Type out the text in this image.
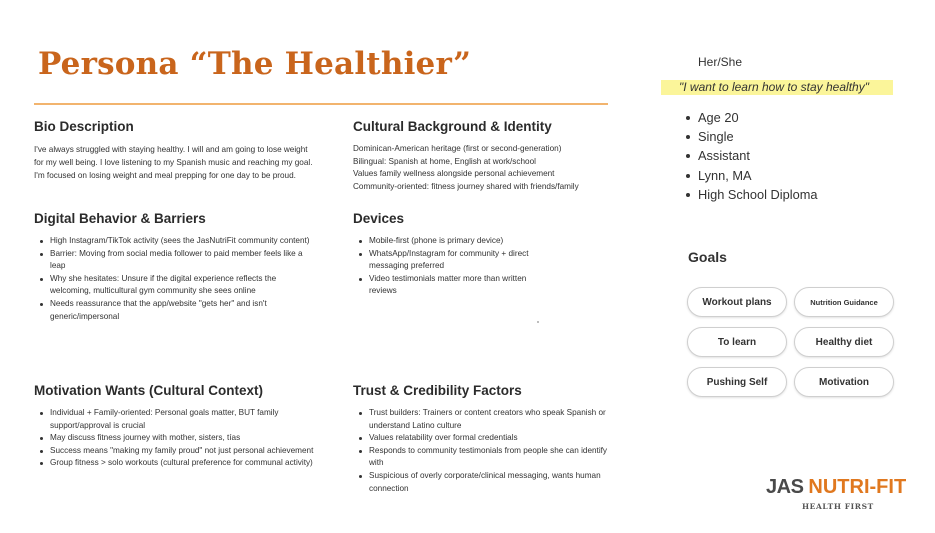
Persona “The Healthier”
Bio Description

I've always struggled with staying healthy. I will and am going to lose weight for my well being. I love listening to my Spanish music and reaching my goal. I'm focused on losing weight and meal prepping for one day to be proud.

Cultural Background & Identity
Dominican-American heritage (first or second-generation)
Bilingual: Spanish at home, English at work/school
Values family wellness alongside personal achievement
Community-oriented: fitness journey shared with friends/family
Digital Behavior & Barriers
High Instagram/TikTok activity (sees the JasNutriFit community content)
Barrier: Moving from social media follower to paid member feels like a leap
Why she hesitates: Unsure if the digital experience reflects the welcoming, multicultural gym community she sees online
Needs reassurance that the app/website "gets her" and isn't generic/impersonal
Devices
Mobile-first (phone is primary device)
WhatsApp/Instagram for community + direct messaging preferred
Video testimonials matter more than written reviews
Motivation Wants (Cultural Context)
Individual + Family-oriented: Personal goals matter, BUT family support/approval is crucial
May discuss fitness journey with mother, sisters, tías
Success means "making my family proud" not just personal achievement
Group fitness > solo workouts (cultural preference for communal activity)
Trust & Credibility Factors
Trust builders: Trainers or content creators who speak Spanish or understand Latino culture
Values relatability over formal credentials
Responds to community testimonials from people she can identify with
Suspicious of overly corporate/clinical messaging, wants human connection
Her/She
"I want to learn how to stay healthy"
Age 20
Single
Assistant
Lynn, MA
High School Diploma
Goals
Workout plans	Nutrition Guidance
To learn	Healthy diet
Pushing Self	Motivation
JAS NUTRI-FIT
HEALTH FIRST
